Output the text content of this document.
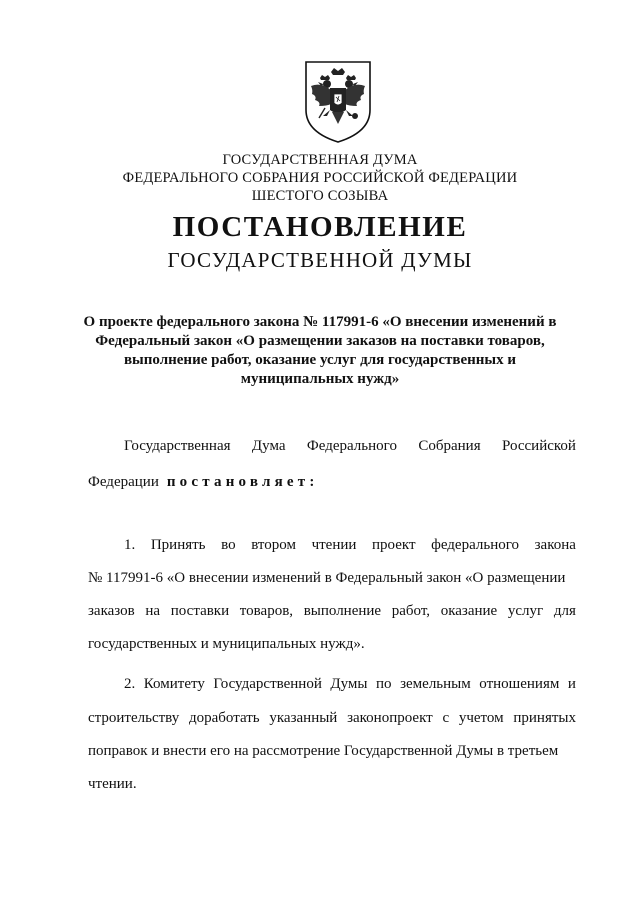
ГОСУДАРСТВЕННАЯ ДУМА
ФЕДЕРАЛЬНОГО СОБРАНИЯ РОССИЙСКОЙ ФЕДЕРАЦИИ
ШЕСТОГО СОЗЫВА
ПОСТАНОВЛЕНИЕ
ГОСУДАРСТВЕННОЙ ДУМЫ
О проекте федерального закона № 117991-6 «О внесении изменений в
Федеральный закон «О размещении заказов на поставки товаров,
выполнение работ, оказание услуг для государственных и
муниципальных нужд»
Государственная Дума Федерального Собрания Российской
Федерации постановляет:
1. Принять во втором чтении проект федерального закона
№ 117991-6 «О внесении изменений в Федеральный закон «О размещении
заказов на поставки товаров, выполнение работ, оказание услуг для
государственных и муниципальных нужд».
2. Комитету Государственной Думы по земельным отношениям и
строительству доработать указанный законопроект с учетом принятых
поправок и внести его на рассмотрение Государственной Думы в третьем
чтении.
